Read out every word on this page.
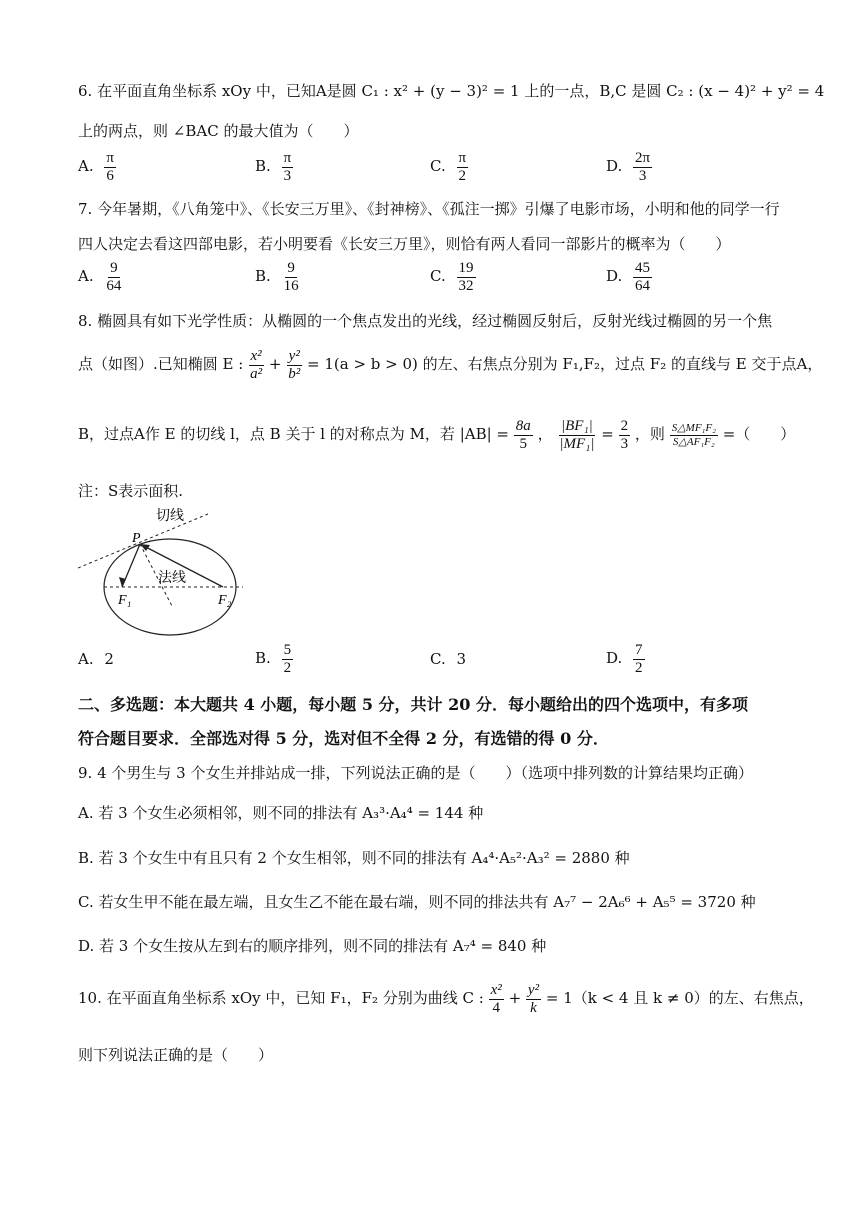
6. 在平面直角坐标系 xOy 中，已知A是圆 C₁ : x² + (y − 3)² = 1 上的一点，B,C 是圆 C₂ : (x − 4)² + y² = 4
上的两点，则 ∠BAC 的最大值为（　　）
A. $\frac{\pi}{6}$	B. $\frac{\pi}{3}$	C. $\frac{\pi}{2}$	D. $\frac{2\pi}{3}$
7. 今年暑期，《八角笼中》、《长安三万里》、《封神榜》、《孤注一掷》引爆了电影市场，小明和他的同学一行
四人决定去看这四部电影，若小明要看《长安三万里》，则恰有两人看同一部影片的概率为（　　）
A. $\frac{9}{64}$	B. $\frac{9}{16}$	C. $\frac{19}{32}$	D. $\frac{45}{64}$
8. 椭圆具有如下光学性质：从椭圆的一个焦点发出的光线，经过椭圆反射后，反射光线过椭圆的另一个焦
点（如图）.已知椭圆 E : $\frac{\text{x²}}{\text{a²}} + \frac{\text{y²}}{\text{b²}} = 1(a > b > 0)$ 的左、右焦点分别为 F₁,F₂，过点 F₂ 的直线与 E 交于点A，
B，过点A作 E 的切线 l，点 B 关于 l 的对称点为 M，若 $|AB| = \frac{8a}{5}$ ， $\frac{\text{|BF₁|}}{\text{|MF₁|}} = \frac{2}{3}$ ，则 $\frac{\text{S△MF₁F₂}}{\text{S△AF₁F₂}}$ =（　　）
注：S表示面积.
切线
法线
P
F₁	F₂
A. 2	B. $\frac{5}{2}$	C. 3	D. $\frac{7}{2}$
二、多选题：本大题共 4 小题，每小题 5 分，共计 20 分．每小题给出的四个选项中，有多项
符合题目要求．全部选对得 5 分，选对但不全得 2 分，有选错的得 0 分．
9. 4 个男生与 3 个女生并排站成一排，下列说法正确的是（　　）（选项中排列数的计算结果均正确）
A. 若 3 个女生必须相邻，则不同的排法有 A₃³·A₄⁴ = 144 种
B. 若 3 个女生中有且只有 2 个女生相邻，则不同的排法有 A₄⁴·A₅²·A₃² = 2880 种
C. 若女生甲不能在最左端，且女生乙不能在最右端，则不同的排法共有 A₇⁷ − 2A₆⁶ + A₅⁵ = 3720 种
D. 若 3 个女生按从左到右的顺序排列，则不同的排法有 A₇⁴ = 840 种
10. 在平面直角坐标系 xOy 中，已知 F₁，F₂ 分别为曲线 C : $\frac{\text{x²}}{4} + \frac{\text{y²}}{k} = 1(k < 4$ 且 k ≠ 0）的左、右焦点，
则下列说法正确的是（　　）
